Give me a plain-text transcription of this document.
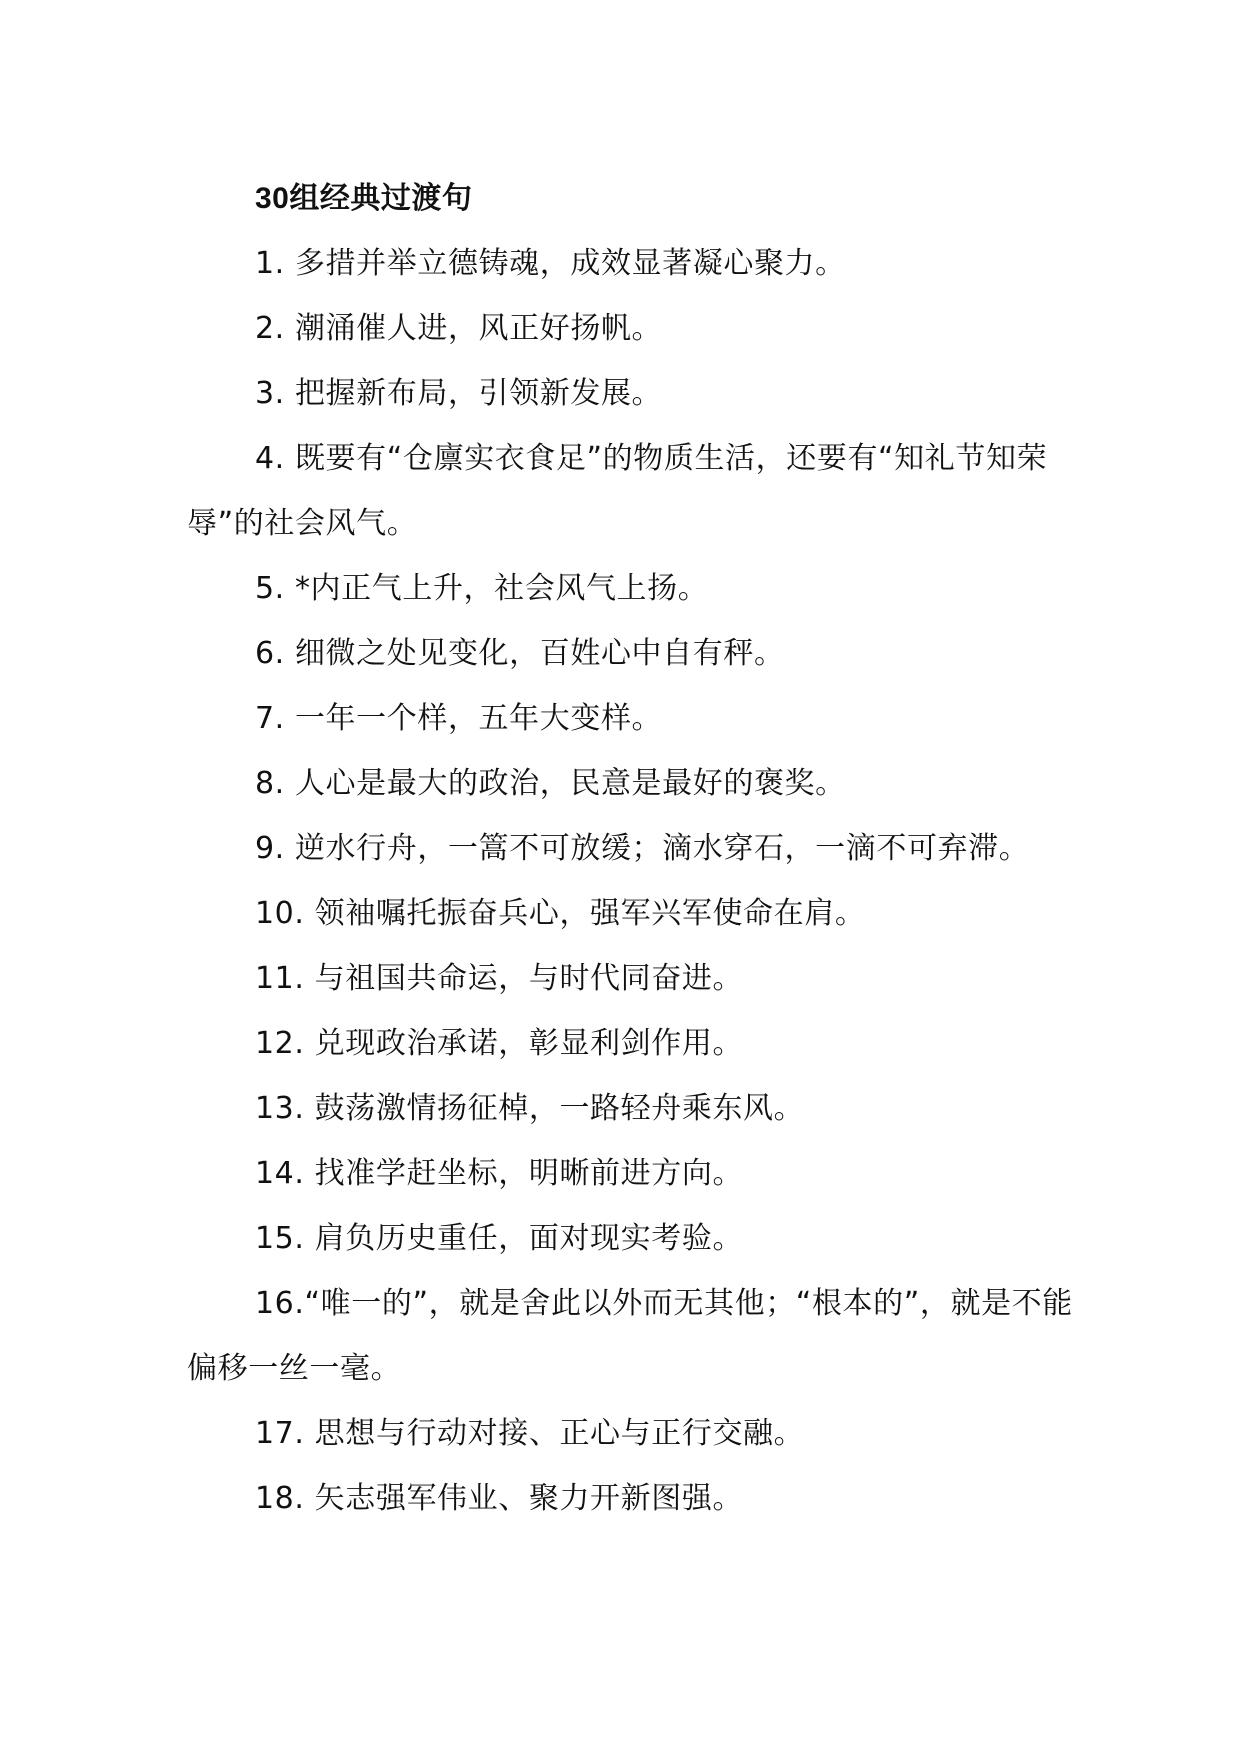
30组经典过渡句
1. 多措并举立德铸魂，成效显著凝心聚力。
2. 潮涌催人进，风正好扬帆。
3. 把握新布局，引领新发展。
4. 既要有“仓廪实衣食足”的物质生活，还要有“知礼节知荣辱”的社会风气。
5. *内正气上升，社会风气上扬。
6. 细微之处见变化，百姓心中自有秤。
7. 一年一个样，五年大变样。
8. 人心是最大的政治，民意是最好的褒奖。
9. 逆水行舟，一篙不可放缓；滴水穿石，一滴不可弃滞。
10. 领袖嘱托振奋兵心，强军兴军使命在肩。
11. 与祖国共命运，与时代同奋进。
12. 兑现政治承诺，彰显利剑作用。
13. 鼓荡激情扬征棹，一路轻舟乘东风。
14. 找准学赶坐标，明晰前进方向。
15. 肩负历史重任，面对现实考验。
16.“唯一的”，就是舍此以外而无其他；“根本的”，就是不能偏移一丝一毫。
17. 思想与行动对接、正心与正行交融。
18. 矢志强军伟业、聚力开新图强。
